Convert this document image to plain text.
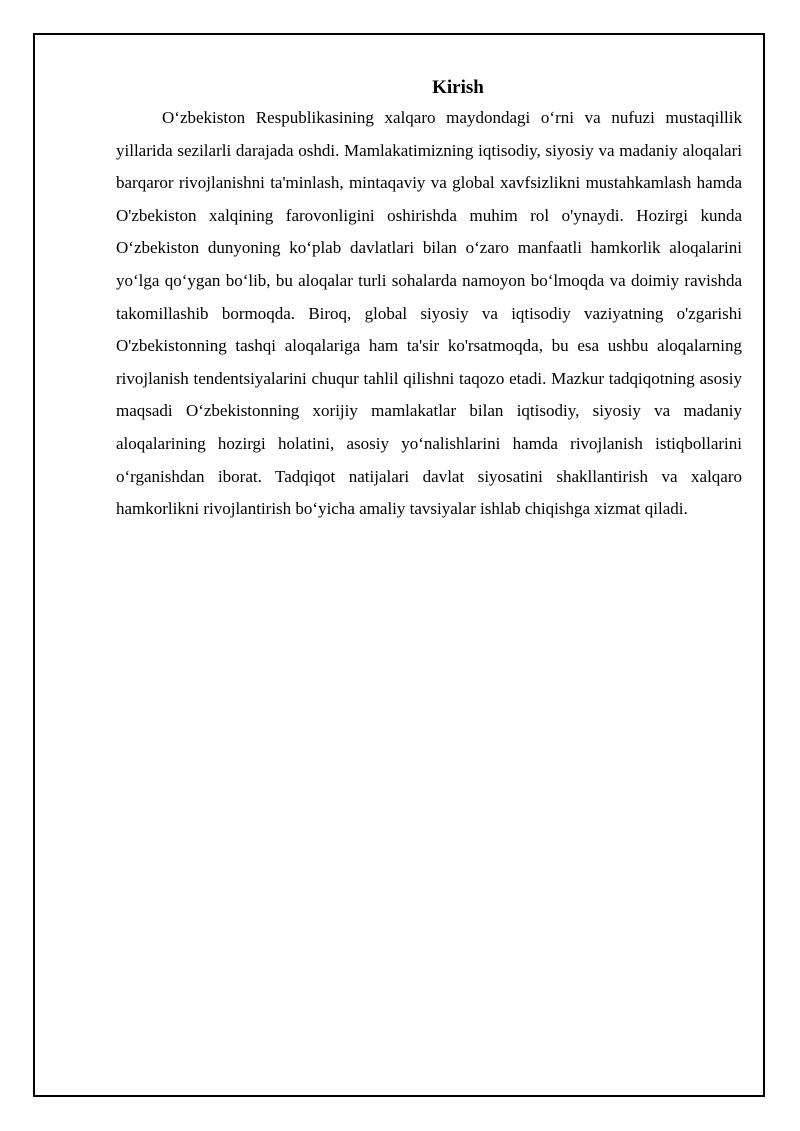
Kirish

O‘zbekiston Respublikasining xalqaro maydondagi o‘rni va nufuzi mustaqillik yillarida sezilarli darajada oshdi. Mamlakatimizning iqtisodiy, siyosiy va madaniy aloqalari barqaror rivojlanishni ta'minlash, mintaqaviy va global xavfsizlikni mustahkamlash hamda O'zbekiston xalqining farovonligini oshirishda muhim rol o'ynaydi. Hozirgi kunda O‘zbekiston dunyoning ko‘plab davlatlari bilan o‘zaro manfaatli hamkorlik aloqalarini yo‘lga qo‘ygan bo‘lib, bu aloqalar turli sohalarda namoyon bo‘lmoqda va doimiy ravishda takomillashib bormoqda. Biroq, global siyosiy va iqtisodiy vaziyatning o'zgarishi O'zbekistonning tashqi aloqalariga ham ta'sir ko'rsatmoqda, bu esa ushbu aloqalarning rivojlanish tendentsiyalarini chuqur tahlil qilishni taqozo etadi. Mazkur tadqiqotning asosiy maqsadi O‘zbekistonning xorijiy mamlakatlar bilan iqtisodiy, siyosiy va madaniy aloqalarining hozirgi holatini, asosiy yo‘nalishlarini hamda rivojlanish istiqbollarini o‘rganishdan iborat. Tadqiqot natijalari davlat siyosatini shakllantirish va xalqaro hamkorlikni rivojlantirish bo‘yicha amaliy tavsiyalar ishlab chiqishga xizmat qiladi.
